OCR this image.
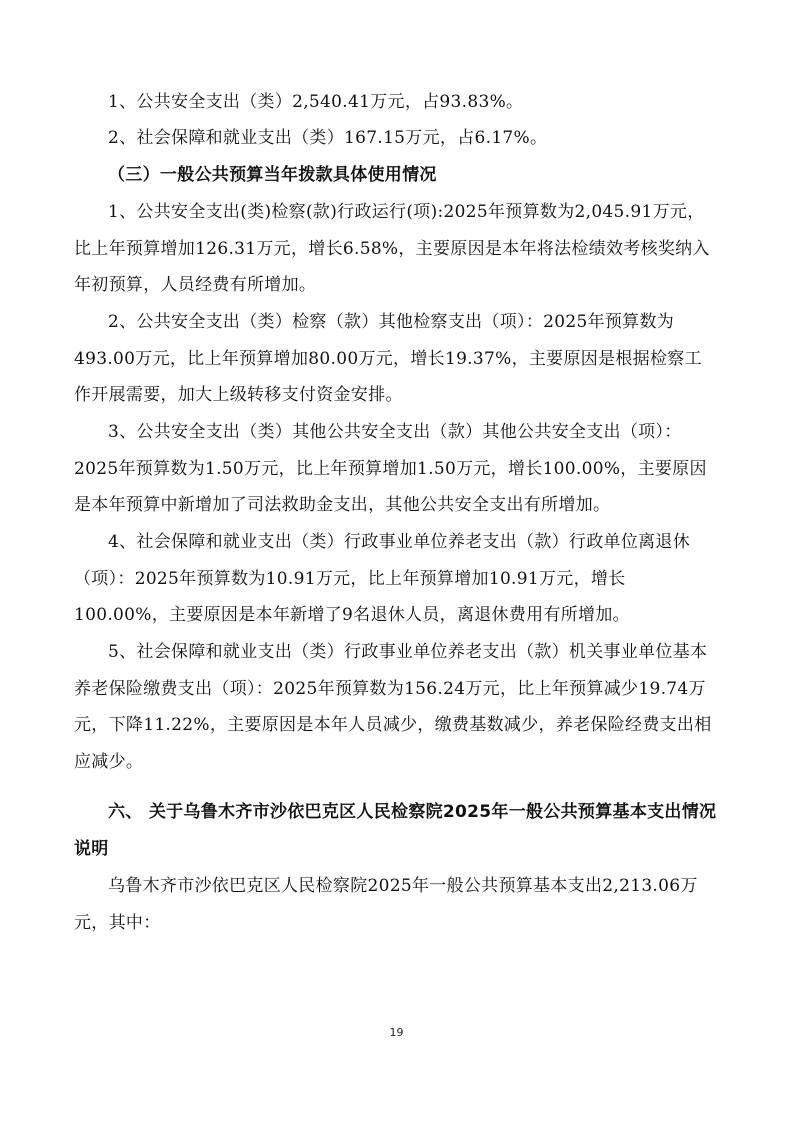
1、公共安全支出（类）2,540.41万元，占93.83%。

2、社会保障和就业支出（类）167.15万元，占6.17%。

（三）一般公共预算当年拨款具体使用情况

1、公共安全支出(类)检察(款)行政运行(项):2025年预算数为2,045.91万元，比上年预算增加126.31万元，增长6.58%，主要原因是本年将法检绩效考核奖纳入年初预算，人员经费有所增加。

2、公共安全支出（类）检察（款）其他检察支出（项）：2025年预算数为493.00万元，比上年预算增加80.00万元，增长19.37%，主要原因是根据检察工作开展需要，加大上级转移支付资金安排。

3、公共安全支出（类）其他公共安全支出（款）其他公共安全支出（项）：2025年预算数为1.50万元，比上年预算增加1.50万元，增长100.00%，主要原因是本年预算中新增加了司法救助金支出，其他公共安全支出有所增加。

4、社会保障和就业支出（类）行政事业单位养老支出（款）行政单位离退休（项）：2025年预算数为10.91万元，比上年预算增加10.91万元，增长100.00%，主要原因是本年新增了9名退休人员，离退休费用有所增加。

5、社会保障和就业支出（类）行政事业单位养老支出（款）机关事业单位基本养老保险缴费支出（项）：2025年预算数为156.24万元，比上年预算减少19.74万元，下降11.22%，主要原因是本年人员减少，缴费基数减少，养老保险经费支出相应减少。

六、 关于乌鲁木齐市沙依巴克区人民检察院2025年一般公共预算基本支出情况说明

乌鲁木齐市沙依巴克区人民检察院2025年一般公共预算基本支出2,213.06万元，其中：

19
